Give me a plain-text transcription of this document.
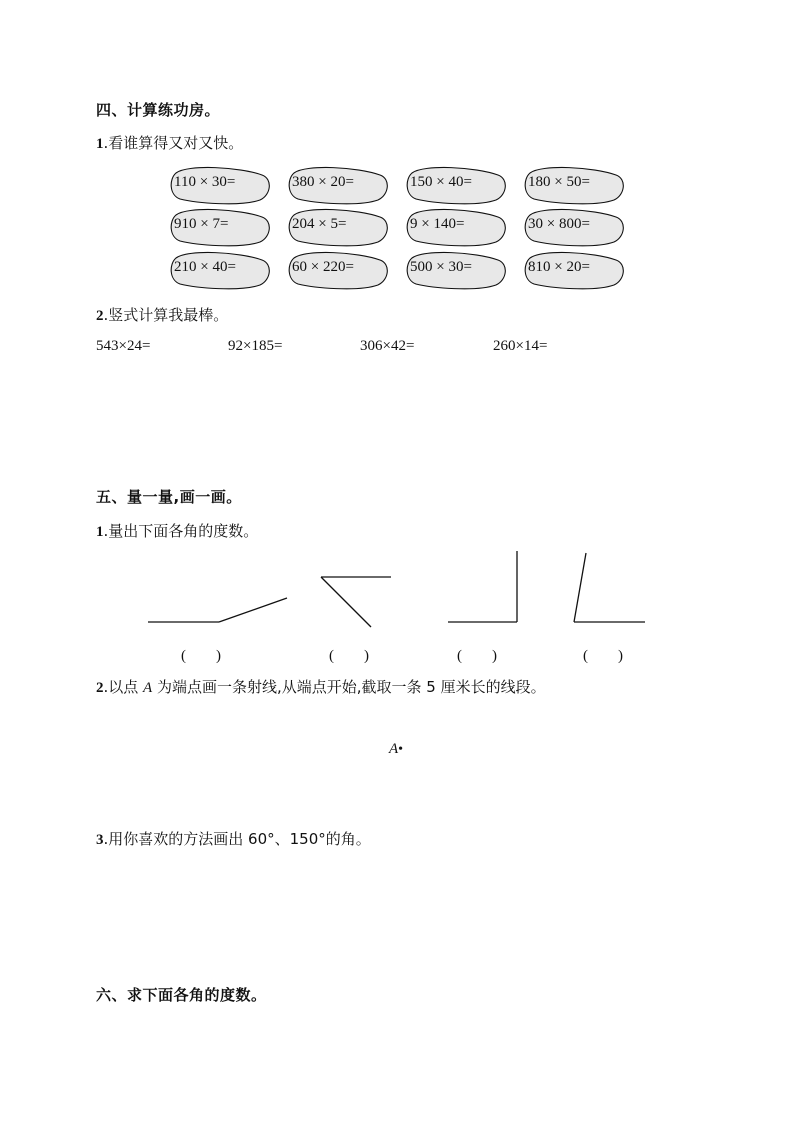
四、计算练功房。
1.看谁算得又对又快。
110 × 30=	380 × 20=	150 × 40=	180 × 50=
910 × 7=	204 × 5=	9 × 140=	30 × 800=
210 × 40=	60 × 220=	500 × 30=	810 × 20=
2.竖式计算我最棒。
543×24=	92×185=	306×42=	260×14=
五、量一量,画一画。
1.量出下面各角的度数。
(　　)	(　　)	(　　)	(　　)
2.以点 A 为端点画一条射线,从端点开始,截取一条 5 厘米长的线段。
A•
3.用你喜欢的方法画出 60°、150°的角。
六、求下面各角的度数。
